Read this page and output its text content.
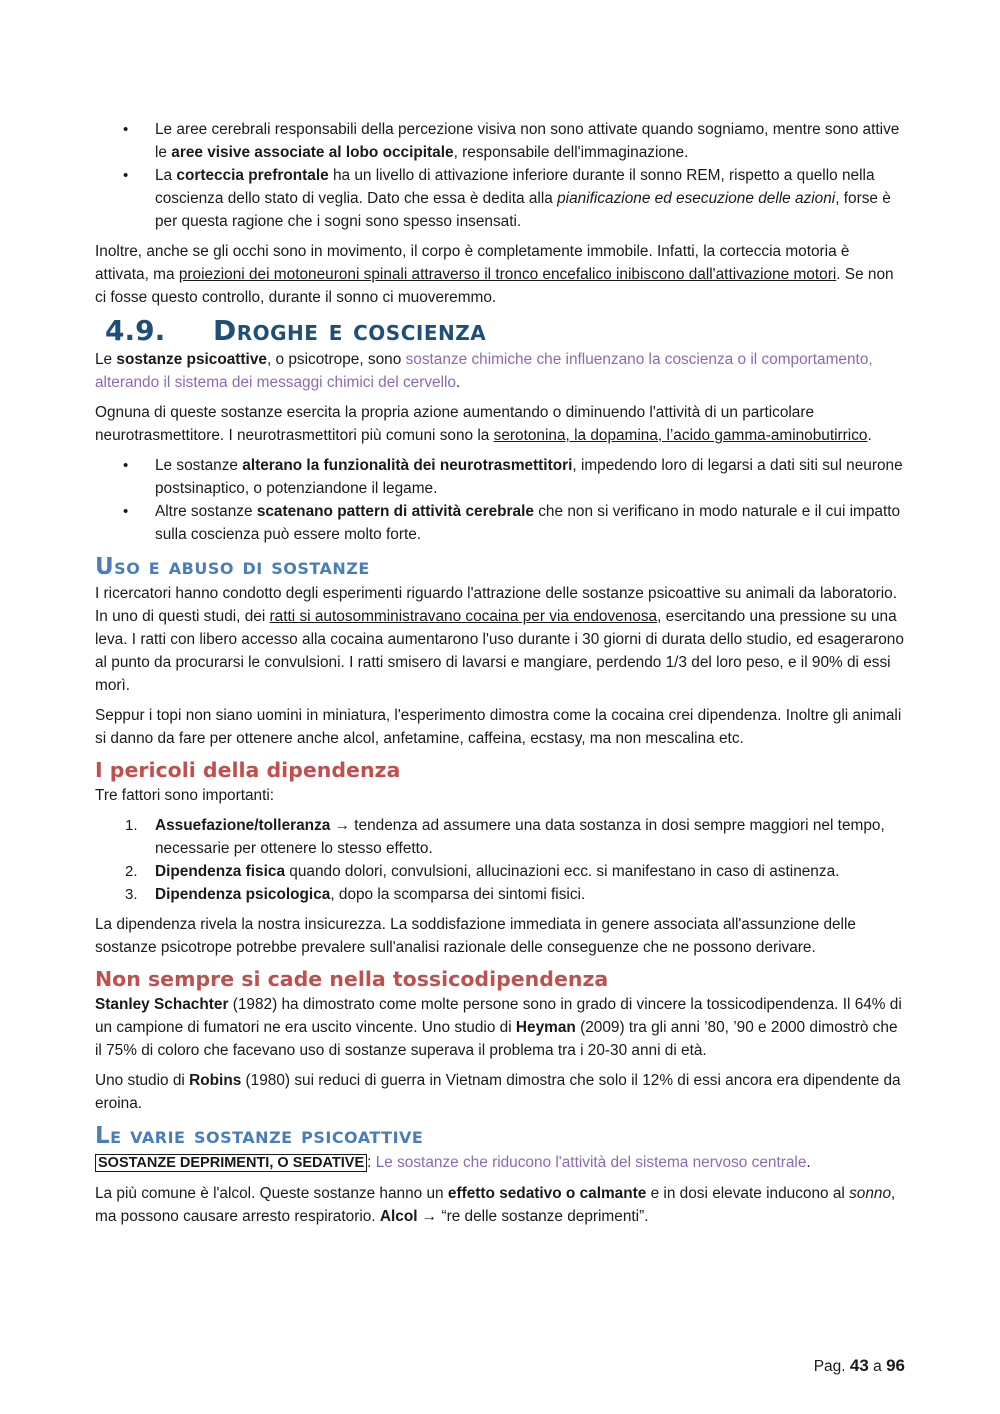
• Le aree cerebrali responsabili della percezione visiva non sono attivate quando sogniamo, mentre sono attive le aree visive associate al lobo occipitale, responsabile dell'immaginazione.
• La corteccia prefrontale ha un livello di attivazione inferiore durante il sonno REM, rispetto a quello nella coscienza dello stato di veglia. Dato che essa è dedita alla pianificazione ed esecuzione delle azioni, forse è per questa ragione che i sogni sono spesso insensati.

Inoltre, anche se gli occhi sono in movimento, il corpo è completamente immobile. Infatti, la corteccia motoria è attivata, ma proiezioni dei motoneuroni spinali attraverso il tronco encefalico inibiscono dall'attivazione motori. Se non ci fosse questo controllo, durante il sonno ci muoveremmo.

4.9. Droghe e coscienza

Le sostanze psicoattive, o psicotrope, sono sostanze chimiche che influenzano la coscienza o il comportamento, alterando il sistema dei messaggi chimici del cervello.

Ognuna di queste sostanze esercita la propria azione aumentando o diminuendo l'attività di un particolare neurotrasmettitore. I neurotrasmettitori più comuni sono la serotonina, la dopamina, l’acido gamma-aminobutirrico.

• Le sostanze alterano la funzionalità dei neurotrasmettitori, impedendo loro di legarsi a dati siti sul neurone postsinaptico, o potenziandone il legame.
• Altre sostanze scatenano pattern di attività cerebrale che non si verificano in modo naturale e il cui impatto sulla coscienza può essere molto forte.
Uso e abuso di sostanze

I ricercatori hanno condotto degli esperimenti riguardo l'attrazione delle sostanze psicoattive su animali da laboratorio. In uno di questi studi, dei ratti si autosomministravano cocaina per via endovenosa, esercitando una pressione su una leva. I ratti con libero accesso alla cocaina aumentarono l'uso durante i 30 giorni di durata dello studio, ed esagerarono al punto da procurarsi le convulsioni. I ratti smisero di lavarsi e mangiare, perdendo 1/3 del loro peso, e il 90% di essi morì.

Seppur i topi non siano uomini in miniatura, l'esperimento dimostra come la cocaina crei dipendenza. Inoltre gli animali si danno da fare per ottenere anche alcol, anfetamine, caffeina, ecstasy, ma non mescalina etc.

I pericoli della dipendenza

Tre fattori sono importanti:

1. Assuefazione/tolleranza → tendenza ad assumere una data sostanza in dosi sempre maggiori nel tempo, necessarie per ottenere lo stesso effetto.
2. Dipendenza fisica quando dolori, convulsioni, allucinazioni ecc. si manifestano in caso di astinenza.
3. Dipendenza psicologica, dopo la scomparsa dei sintomi fisici.

La dipendenza rivela la nostra insicurezza. La soddisfazione immediata in genere associata all'assunzione delle sostanze psicotrope potrebbe prevalere sull'analisi razionale delle conseguenze che ne possono derivare.

Non sempre si cade nella tossicodipendenza

Stanley Schachter (1982) ha dimostrato come molte persone sono in grado di vincere la tossicodipendenza. Il 64% di un campione di fumatori ne era uscito vincente. Uno studio di Heyman (2009) tra gli anni ’80, ’90 e 2000 dimostrò che il 75% di coloro che facevano uso di sostanze superava il problema tra i 20-30 anni di età.

Uno studio di Robins (1980) sui reduci di guerra in Vietnam dimostra che solo il 12% di essi ancora era dipendente da eroina.

Le varie sostanze psicoattive

SOSTANZE DEPRIMENTI, O SEDATIVE : Le sostanze che riducono l'attività del sistema nervoso centrale.

La più comune è l'alcol. Queste sostanze hanno un effetto sedativo o calmante e in dosi elevate inducono al sonno, ma possono causare arresto respiratorio. Alcol → “re delle sostanze deprimenti”.

Pag. 43 a 96
